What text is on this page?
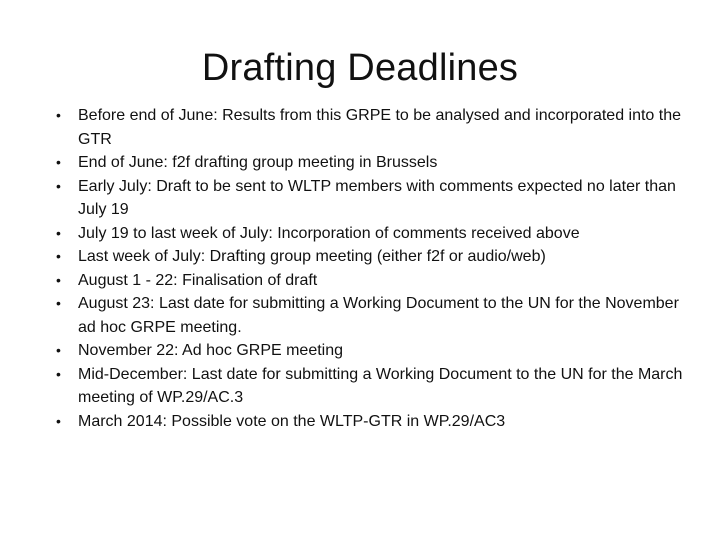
Drafting Deadlines
• Before end of June: Results from this GRPE to be analysed and incorporated into the GTR
• End of June: f2f drafting group meeting in Brussels
• Early July: Draft to be sent to WLTP members with comments expected no later than July 19
• July 19 to last week of July: Incorporation of comments received above
• Last week of July: Drafting group meeting (either f2f or audio/web)
• August 1 - 22: Finalisation of draft
• August 23: Last date for submitting a Working Document to the UN for the November ad hoc GRPE meeting.
• November 22: Ad hoc GRPE meeting
• Mid-December: Last date for submitting a Working Document to the UN for the March meeting of WP.29/AC.3
• March 2014: Possible vote on the WLTP-GTR in WP.29/AC3
